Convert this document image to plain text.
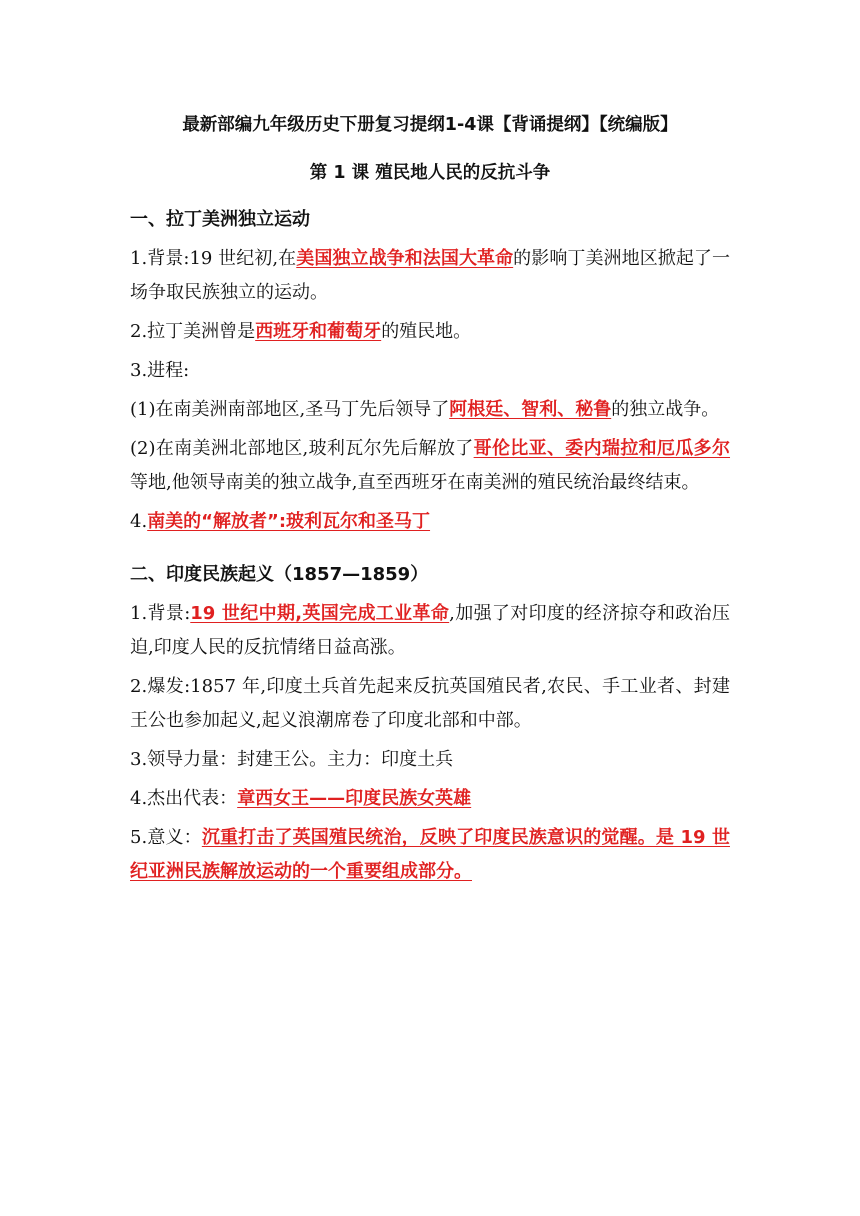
最新部编九年级历史下册复习提纲1-4课【背诵提纲】【统编版】
第 1 课 殖民地人民的反抗斗争
一、拉丁美洲独立运动
1.背景:19 世纪初,在美国独立战争和法国大革命的影响丁美洲地区掀起了一场争取民族独立的运动。
2.拉丁美洲曾是西班牙和葡萄牙的殖民地。
3.进程:
(1)在南美洲南部地区,圣马丁先后领导了阿根廷、智利、秘鲁的独立战争。
(2)在南美洲北部地区,玻利瓦尔先后解放了哥伦比亚、委内瑞拉和厄瓜多尔等地,他领导南美的独立战争,直至西班牙在南美洲的殖民统治最终结束。
4.南美的“解放者”:玻利瓦尔和圣马丁
二、印度民族起义（1857—1859）
1.背景:19 世纪中期,英国完成工业革命,加强了对印度的经济掠夺和政治压迫,印度人民的反抗情绪日益高涨。
2.爆发:1857 年,印度土兵首先起来反抗英国殖民者,农民、手工业者、封建王公也参加起义,起义浪潮席卷了印度北部和中部。
3.领导力量：封建王公。主力：印度土兵
4.杰出代表：章西女王——印度民族女英雄
5.意义：沉重打击了英国殖民统治，反映了印度民族意识的觉醒。是 19 世纪亚洲民族解放运动的一个重要组成部分。
